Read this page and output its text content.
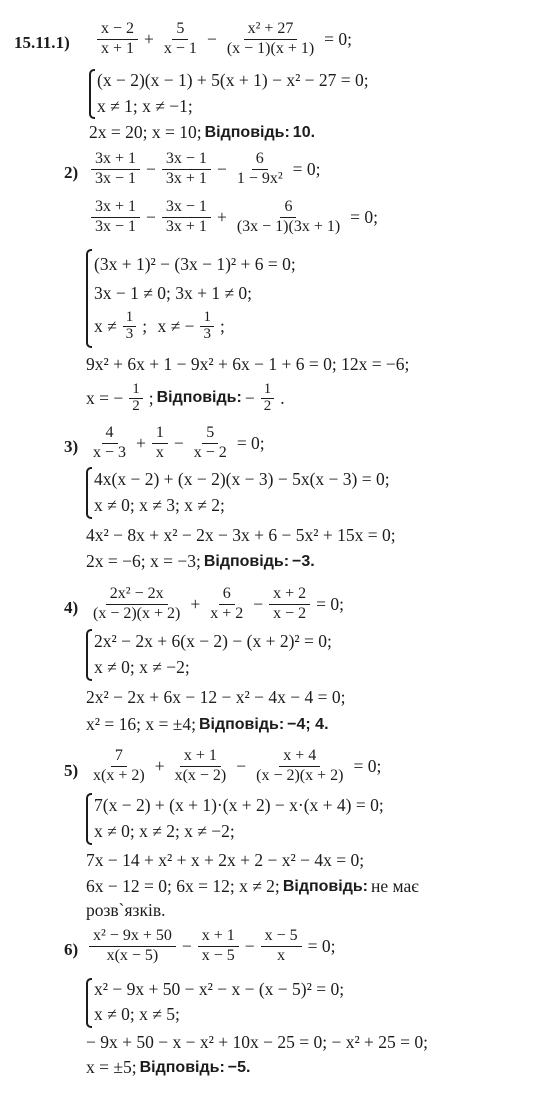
$15.11.1) \frac{x - 2}{x + 1} + \frac{5}{x - 1} - \frac{\text{x² + 27}}{(x - 1)(x + 1)} = 0$;
(x − 2)(x − 1) + 5(x + 1) − x² − 27 = 0;
x ≠ 1; x ≠ −1;
2x = 20; x = 10; Відповідь: 10.
$2) \frac{3x + 1}{3x - 1} - \frac{3x - 1}{3x + 1} - \frac{6}{\text{1 − 9x²}} = 0$;
$\frac{3x + 1}{3x - 1} - \frac{3x - 1}{3x + 1} + \frac{6}{(3x - 1)(3x + 1)} = 0$;
(3x + 1)² − (3x − 1)² + 6 = 0;
3x − 1 ≠ 0; 3x + 1 ≠ 0;
$x \ne \frac{1}{3}$ ;
x ≠ − $\frac{1}{3}$ ;
9x² + 6x + 1 − 9x² + 6x − 1 + 6 = 0; 12x = −6;
x = − $\frac{1}{2}$ ; Відповідь: − $\frac{1}{2}$ .
$3) \frac{4}{x - 3} + \frac{1}{x} - \frac{5}{x - 2} = 0$;
4x(x − 2) + (x − 2)(x − 3) − 5x(x − 3) = 0;
x ≠ 0; x ≠ 3; x ≠ 2;
4x² − 8x + x² − 2x − 3x + 6 − 5x² + 15x = 0;
2x = −6; x = −3; Відповідь: −3.
$4) \frac{\text{2x² − 2x}}{(x - 2)(x + 2)} + \frac{6}{x + 2} - \frac{x + 2}{x - 2} = 0$;
2x² − 2x + 6(x − 2) − (x + 2)² = 0;
x ≠ 0; x ≠ −2;
2x² − 2x + 6x − 12 − x² − 4x − 4 = 0;
x² = 16; x = ±4; Відповідь: −4; 4.
$5) \frac{7}{x(x + 2)} + \frac{x + 1}{x(x - 2)} - \frac{x + 4}{(x - 2)(x + 2)} = 0$;
7(x − 2) + (x + 1)·(x + 2) − x·(x + 4) = 0;
x ≠ 0; x ≠ 2; x ≠ −2;
7x − 14 + x² + x + 2x + 2 − x² − 4x = 0;
6x − 12 = 0; 6x = 12; x ≠ 2; Відповідь: не має
розв`язків.
$6) \frac{\text{x² − 9x + 50}}{x(x - 5)} - \frac{x + 1}{x - 5} - \frac{x - 5}{x} = 0$;
x² − 9x + 50 − x² − x − (x − 5)² = 0;
x ≠ 0; x ≠ 5;
− 9x + 50 − x − x² + 10x − 25 = 0; − x² + 25 = 0;
x = ±5; Відповідь: −5.
